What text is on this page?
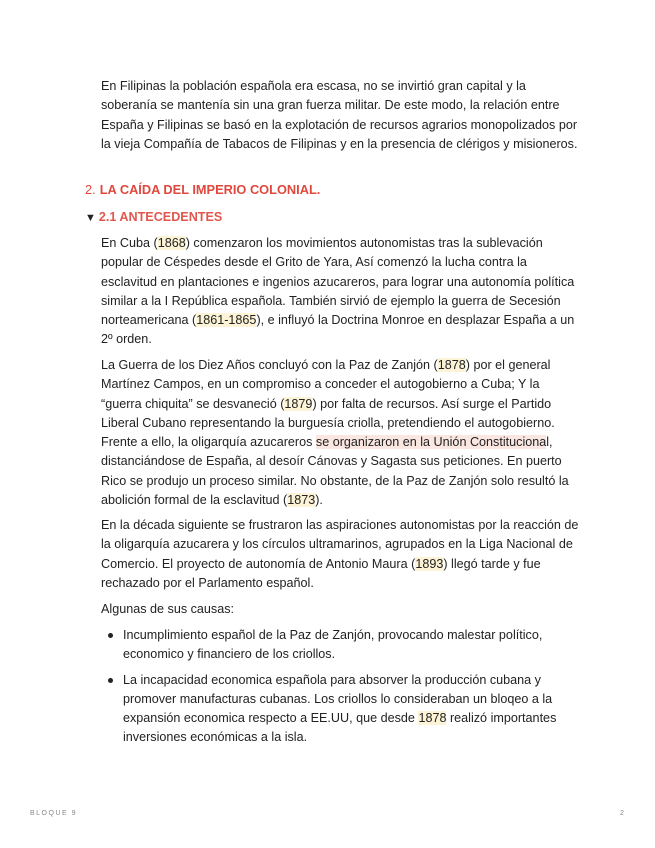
En Filipinas la población española era escasa, no se invirtió gran capital y la soberanía se mantenía sin una gran fuerza militar. De este modo, la relación entre España y Filipinas se basó en la explotación de recursos agrarios monopolizados por la vieja Compañía de Tabacos de Filipinas y en la presencia de clérigos y misioneros.

2. LA CAÍDA DEL IMPERIO COLONIAL.
▼ 2.1 ANTECEDENTES

En Cuba (1868) comenzaron los movimientos autonomistas tras la sublevación popular de Céspedes desde el Grito de Yara, Así comenzó la lucha contra la esclavitud en plantaciones e ingenios azucareros, para lograr una autonomía política similar a la I República española. También sirvió de ejemplo la guerra de Secesión norteamericana (1861-1865), e influyó la Doctrina Monroe en desplazar España a un 2º orden.

La Guerra de los Diez Años concluyó con la Paz de Zanjón (1878) por el general Martínez Campos, en un compromiso a conceder el autogobierno a Cuba; Y la “guerra chiquita” se desvaneció (1879) por falta de recursos. Así surge el Partido Liberal Cubano representando la burguesía criolla, pretendiendo el autogobierno. Frente a ello, la oligarquía azucareros se organizaron en la Unión Constitucional, distanciándose de España, al desoír Cánovas y Sagasta sus peticiones. En puerto Rico se produjo un proceso similar. No obstante, de la Paz de Zanjón solo resultó la abolición formal de la esclavitud (1873).

En la década siguiente se frustraron las aspiraciones autonomistas por la reacción de la oligarquía azucarera y los círculos ultramarinos, agrupados en la Liga Nacional de Comercio. El proyecto de autonomía de Antonio Maura (1893) llegó tarde y fue rechazado por el Parlamento español.

Algunas de sus causas:

Incumplimiento español de la Paz de Zanjón, provocando malestar político, economico y financiero de los criollos.
La incapacidad economica española para absorver la producción cubana y promover manufacturas cubanas. Los criollos lo consideraban un bloqeo a la expansión economica respecto a EE.UU, que desde 1878 realizó importantes inversiones económicas a la isla.
BLOQUE 9	2
